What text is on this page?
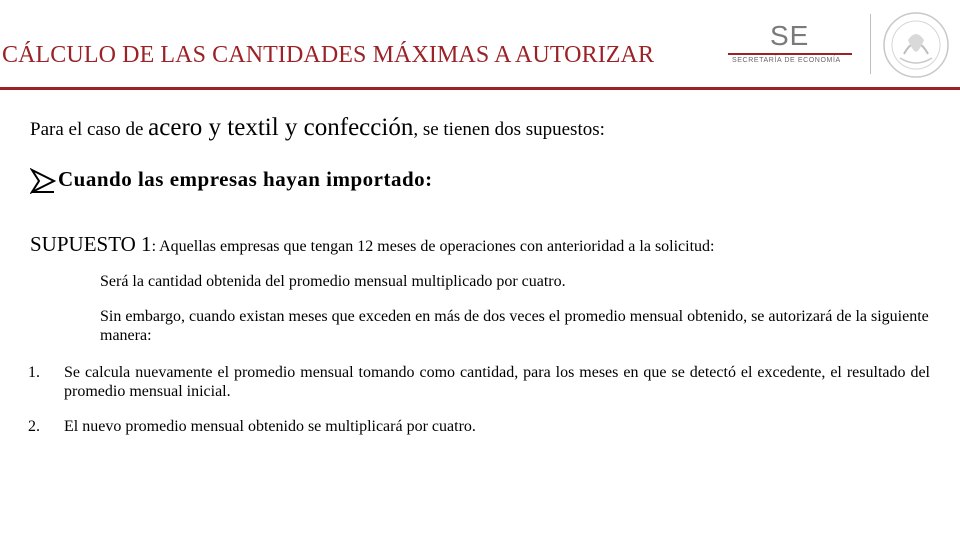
CÁLCULO DE LAS CANTIDADES MÁXIMAS A AUTORIZAR
SE
SECRETARÍA DE ECONOMÍA
Para el caso de acero y textil y confección, se tienen dos supuestos:
Cuando las empresas hayan importado:
SUPUESTO 1: Aquellas empresas que tengan 12 meses de operaciones con anterioridad a la solicitud:
Será la cantidad obtenida del promedio mensual multiplicado por cuatro.
Sin embargo, cuando existan meses que exceden en más de dos veces el promedio mensual obtenido, se autorizará de la siguiente manera:
1. Se calcula nuevamente el promedio mensual tomando como cantidad, para los meses en que se detectó el excedente, el resultado del promedio mensual inicial.
2. El nuevo promedio mensual obtenido se multiplicará por cuatro.
